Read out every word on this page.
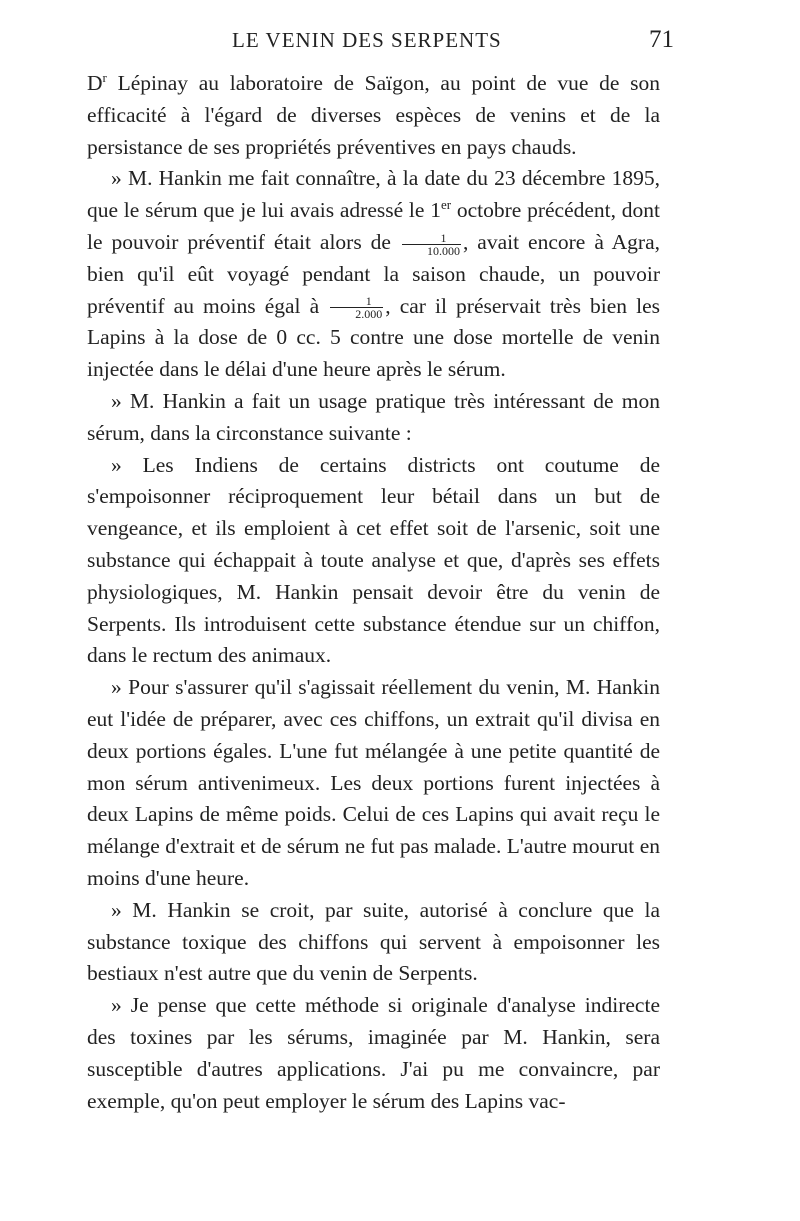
LE VENIN DES SERPENTS	71

$D^r$ Lépinay au laboratoire de Saïgon, au point de vue de son efficacité à l'égard de diverses espèces de venins et de la persistance de ses propriétés préventives en pays chauds.

» M. Hankin me fait connaître, à la date du 23 décembre 1895, que le sérum que je lui avais adressé le 1er octobre précédent, dont le pouvoir préventif était alors de $\frac{1}{10.000}$ , avait encore à Agra, bien qu'il eût voyagé pendant la saison chaude, un pouvoir préventif au moins égal à $\frac{1}{2.000}$ , car il préservait très bien les Lapins à la dose de 0 cc. 5 contre une dose mortelle de venin injectée dans le délai d'une heure après le sérum.

» M. Hankin a fait un usage pratique très intéressant de mon sérum, dans la circonstance suivante :

» Les Indiens de certains districts ont coutume de s'empoisonner réciproquement leur bétail dans un but de vengeance, et ils emploient à cet effet soit de l'arsenic, soit une substance qui échappait à toute analyse et que, d'après ses effets physiologiques, M. Hankin pensait devoir être du venin de Serpents. Ils introduisent cette substance étendue sur un chiffon, dans le rectum des animaux.

» Pour s'assurer qu'il s'agissait réellement du venin, M. Hankin eut l'idée de préparer, avec ces chiffons, un extrait qu'il divisa en deux portions égales. L'une fut mélangée à une petite quantité de mon sérum antivenimeux. Les deux portions furent injectées à deux Lapins de même poids. Celui de ces Lapins qui avait reçu le mélange d'extrait et de sérum ne fut pas malade. L'autre mourut en moins d'une heure.

» M. Hankin se croit, par suite, autorisé à conclure que la substance toxique des chiffons qui servent à empoisonner les bestiaux n'est autre que du venin de Serpents.

» Je pense que cette méthode si originale d'analyse indirecte des toxines par les sérums, imaginée par M. Hankin, sera susceptible d'autres applications. J'ai pu me convaincre, par exemple, qu'on peut employer le sérum des Lapins vac-
